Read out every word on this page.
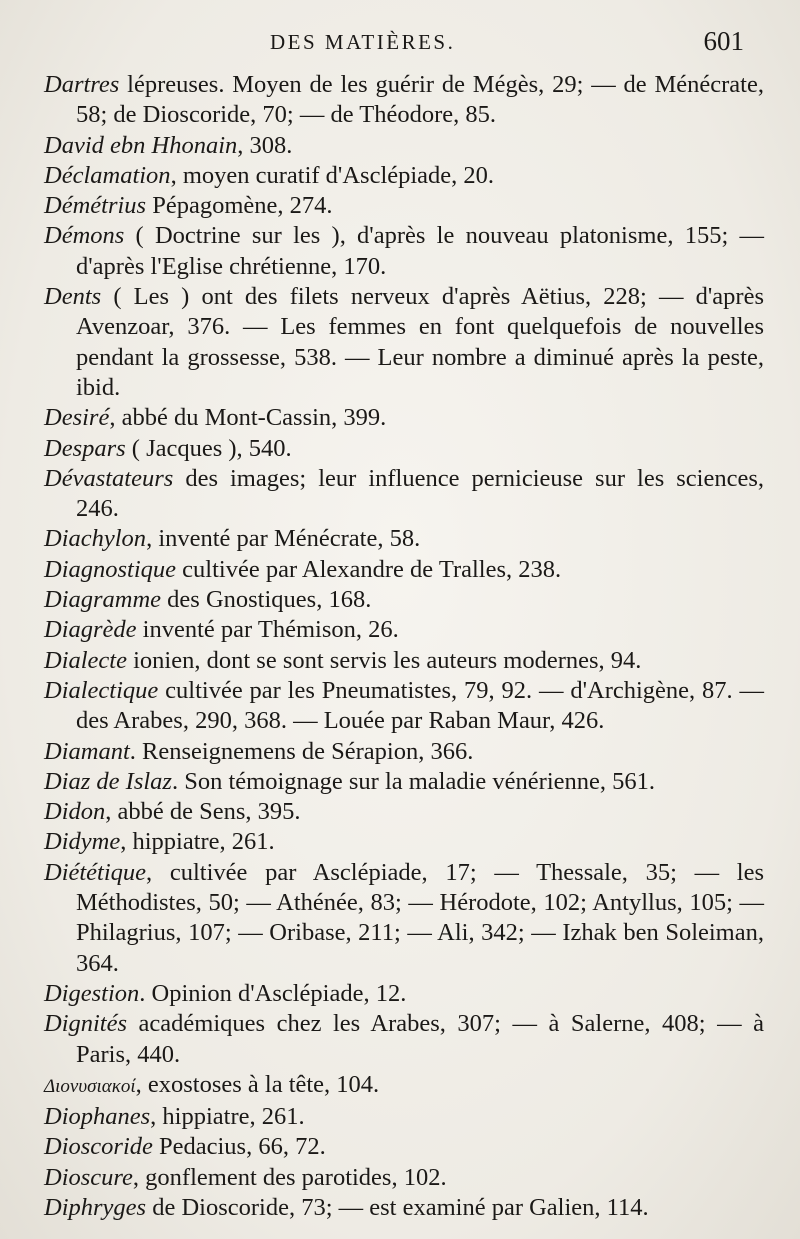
DES MATIÈRES.	601

Dartres lépreuses. Moyen de les guérir de Mégès, 29; — de Ménécrate, 58; de Dioscoride, 70; — de Théodore, 85.

David ebn Hhonain, 308.

Déclamation, moyen curatif d'Asclépiade, 20.

Démétrius Pépagomène, 274.

Démons ( Doctrine sur les ), d'après le nouveau platonisme, 155; — d'après l'Eglise chrétienne, 170.

Dents ( Les ) ont des filets nerveux d'après Aëtius, 228; — d'après Avenzoar, 376. — Les femmes en font quelquefois de nouvelles pendant la grossesse, 538. — Leur nombre a diminué après la peste, ibid.

Desiré, abbé du Mont-Cassin, 399.

Despars ( Jacques ), 540.

Dévastateurs des images; leur influence pernicieuse sur les sciences, 246.

Diachylon, inventé par Ménécrate, 58.

Diagnostique cultivée par Alexandre de Tralles, 238.

Diagramme des Gnostiques, 168.

Diagrède inventé par Thémison, 26.

Dialecte ionien, dont se sont servis les auteurs modernes, 94.

Dialectique cultivée par les Pneumatistes, 79, 92. — d'Archigène, 87. — des Arabes, 290, 368. — Louée par Raban Maur, 426.

Diamant. Renseignemens de Sérapion, 366.

Diaz de Islaz. Son témoignage sur la maladie vénérienne, 561.

Didon, abbé de Sens, 395.

Didyme, hippiatre, 261.

Diététique, cultivée par Asclépiade, 17; — Thessale, 35; — les Méthodistes, 50; — Athénée, 83; — Hérodote, 102; Antyllus, 105; — Philagrius, 107; — Oribase, 211; — Ali, 342; — Izhak ben Soleiman, 364.

Digestion. Opinion d'Asclépiade, 12.

Dignités académiques chez les Arabes, 307; — à Salerne, 408; — à Paris, 440.

Διονυσιακοί, exostoses à la tête, 104.

Diophanes, hippiatre, 261.

Dioscoride Pedacius, 66, 72.

Dioscure, gonflement des parotides, 102.

Diphryges de Dioscoride, 73; — est examiné par Galien, 114.
